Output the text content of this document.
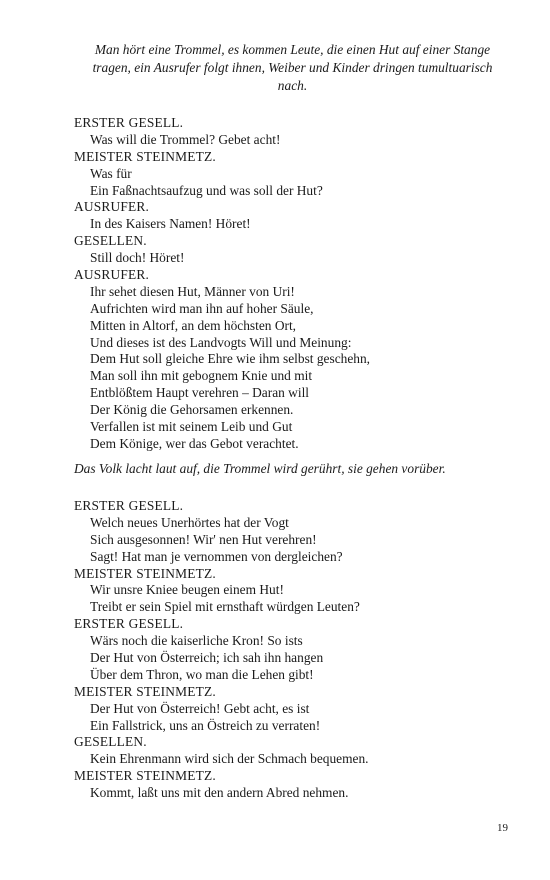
Man hört eine Trommel, es kommen Leute, die einen Hut auf einer Stange tragen, ein Ausrufer folgt ihnen, Weiber und Kinder dringen tumultuarisch nach.
ERSTER GESELL.
Was will die Trommel? Gebet acht!
MEISTER STEINMETZ.
Was für
Ein Faßnachtsaufzug und was soll der Hut?
AUSRUFER.
In des Kaisers Namen! Höret!
GESELLEN.
Still doch! Höret!
AUSRUFER.
Ihr sehet diesen Hut, Männer von Uri!
Aufrichten wird man ihn auf hoher Säule,
Mitten in Altorf, an dem höchsten Ort,
Und dieses ist des Landvogts Will und Meinung:
Dem Hut soll gleiche Ehre wie ihm selbst geschehn,
Man soll ihn mit gebognem Knie und mit
Entblößtem Haupt verehren – Daran will
Der König die Gehorsamen erkennen.
Verfallen ist mit seinem Leib und Gut
Dem Könige, wer das Gebot verachtet.
Das Volk lacht laut auf, die Trommel wird gerührt, sie gehen vorüber.
ERSTER GESELL.
Welch neues Unerhörtes hat der Vogt
Sich ausgesonnen! Wir' nen Hut verehren!
Sagt! Hat man je vernommen von dergleichen?
MEISTER STEINMETZ.
Wir unsre Kniee beugen einem Hut!
Treibt er sein Spiel mit ernsthaft würdgen Leuten?
ERSTER GESELL.
Wärs noch die kaiserliche Kron! So ists
Der Hut von Österreich; ich sah ihn hangen
Über dem Thron, wo man die Lehen gibt!
MEISTER STEINMETZ.
Der Hut von Österreich! Gebt acht, es ist
Ein Fallstrick, uns an Östreich zu verraten!
GESELLEN.
Kein Ehrenmann wird sich der Schmach bequemen.
MEISTER STEINMETZ.
Kommt, laßt uns mit den andern Abred nehmen.
19
